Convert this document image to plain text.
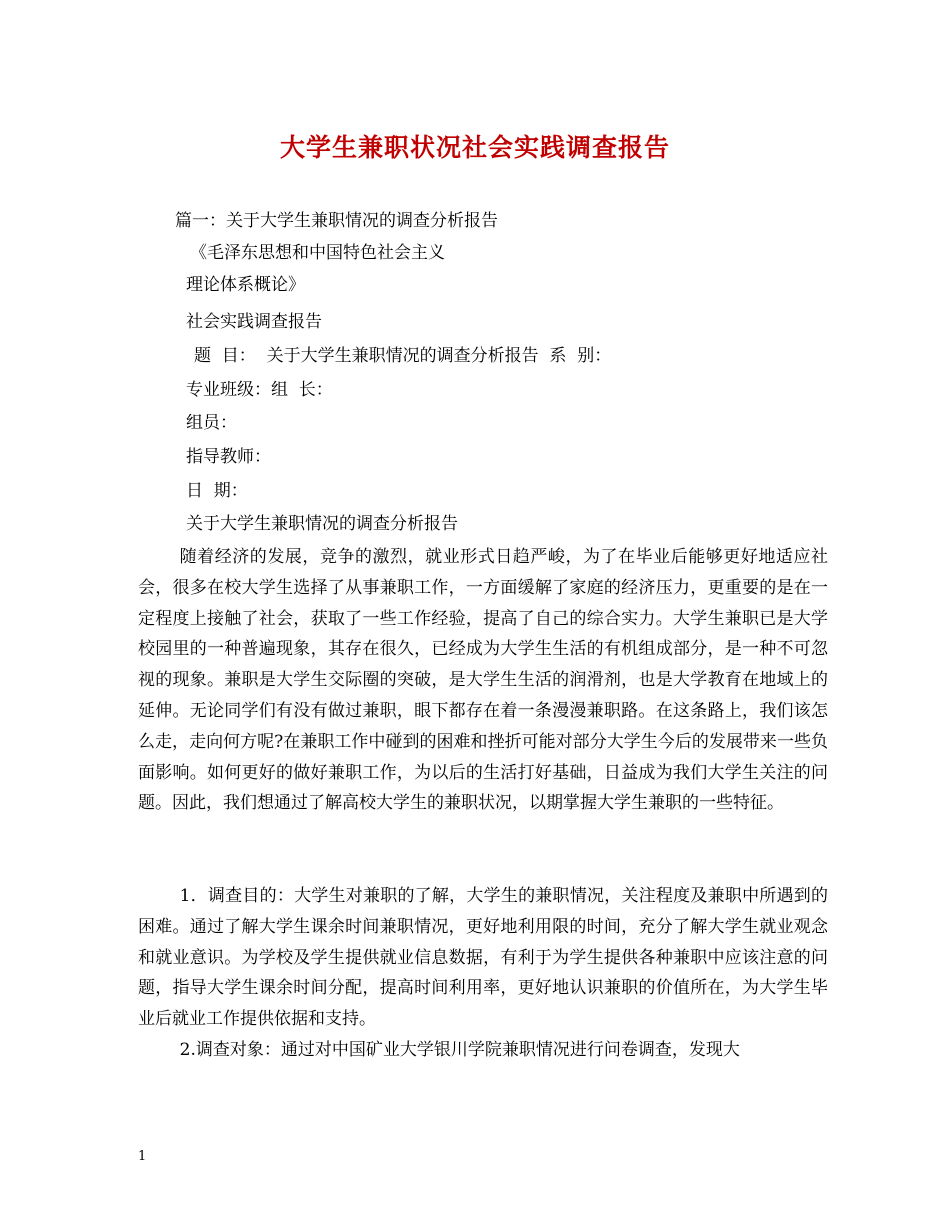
大学生兼职状况社会实践调查报告
篇一：关于大学生兼职情况的调查分析报告
《毛泽东思想和中国特色社会主义
理论体系概论》
社会实践调查报告
题  目：  关于大学生兼职情况的调查分析报告  系  别：
专业班级：组  长：
组员：
指导教师：
日  期：
关于大学生兼职情况的调查分析报告
随着经济的发展，竞争的激烈，就业形式日趋严峻，为了在毕业后能够更好地适应社会，很多在校大学生选择了从事兼职工作，一方面缓解了家庭的经济压力，更重要的是在一定程度上接触了社会，获取了一些工作经验，提高了自己的综合实力。大学生兼职已是大学校园里的一种普遍现象，其存在很久，已经成为大学生生活的有机组成部分，是一种不可忽视的现象。兼职是大学生交际圈的突破，是大学生生活的润滑剂，也是大学教育在地域上的延伸。无论同学们有没有做过兼职，眼下都存在着一条漫漫兼职路。在这条路上，我们该怎么走，走向何方呢?在兼职工作中碰到的困难和挫折可能对部分大学生今后的发展带来一些负面影响。如何更好的做好兼职工作，为以后的生活打好基础，日益成为我们大学生关注的问题。因此，我们想通过了解高校大学生的兼职状况，以期掌握大学生兼职的一些特征。
1．调查目的：大学生对兼职的了解，大学生的兼职情况，关注程度及兼职中所遇到的困难。通过了解大学生课余时间兼职情况，更好地利用限的时间，充分了解大学生就业观念和就业意识。为学校及学生提供就业信息数据，有利于为学生提供各种兼职中应该注意的问题，指导大学生课余时间分配，提高时间利用率，更好地认识兼职的价值所在，为大学生毕业后就业工作提供依据和支持。
2.调查对象：通过对中国矿业大学银川学院兼职情况进行问卷调查，发现大
1
